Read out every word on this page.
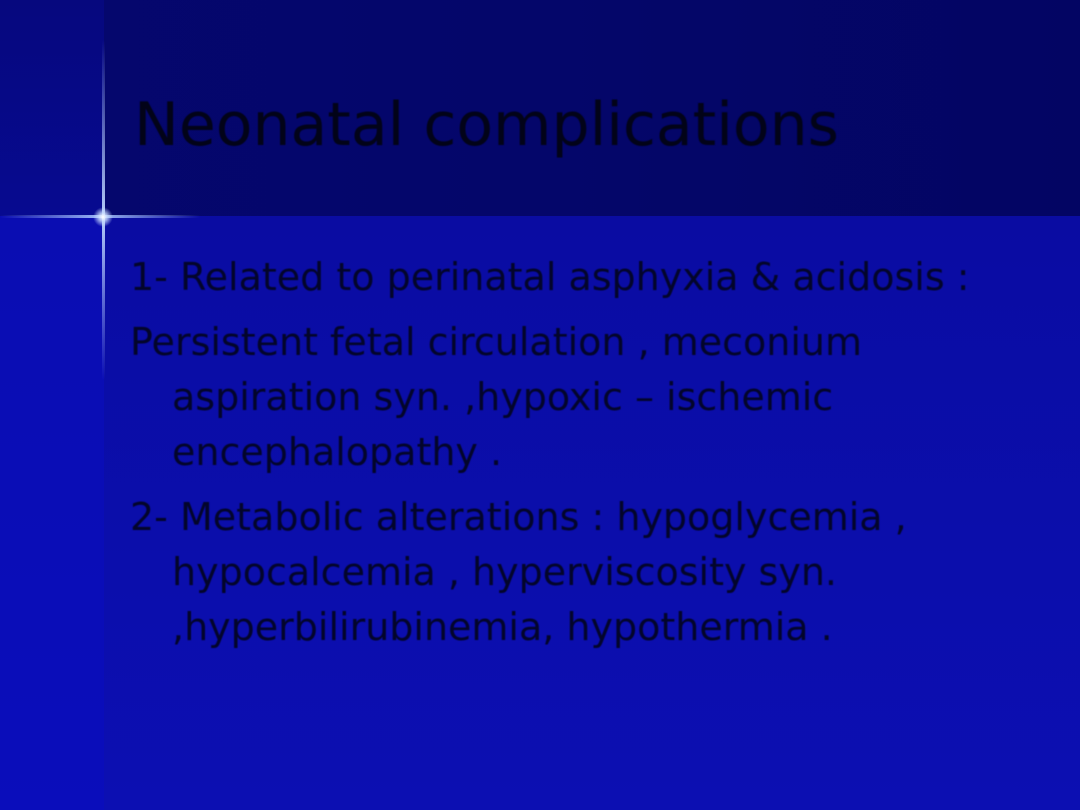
Neonatal complications
1- Related to perinatal asphyxia & acidosis :
Persistent fetal circulation , meconium aspiration syn. ,hypoxic – ischemic encephalopathy .
2- Metabolic alterations : hypoglycemia , hypocalcemia , hyperviscosity syn. ,hyperbilirubinemia, hypothermia .
